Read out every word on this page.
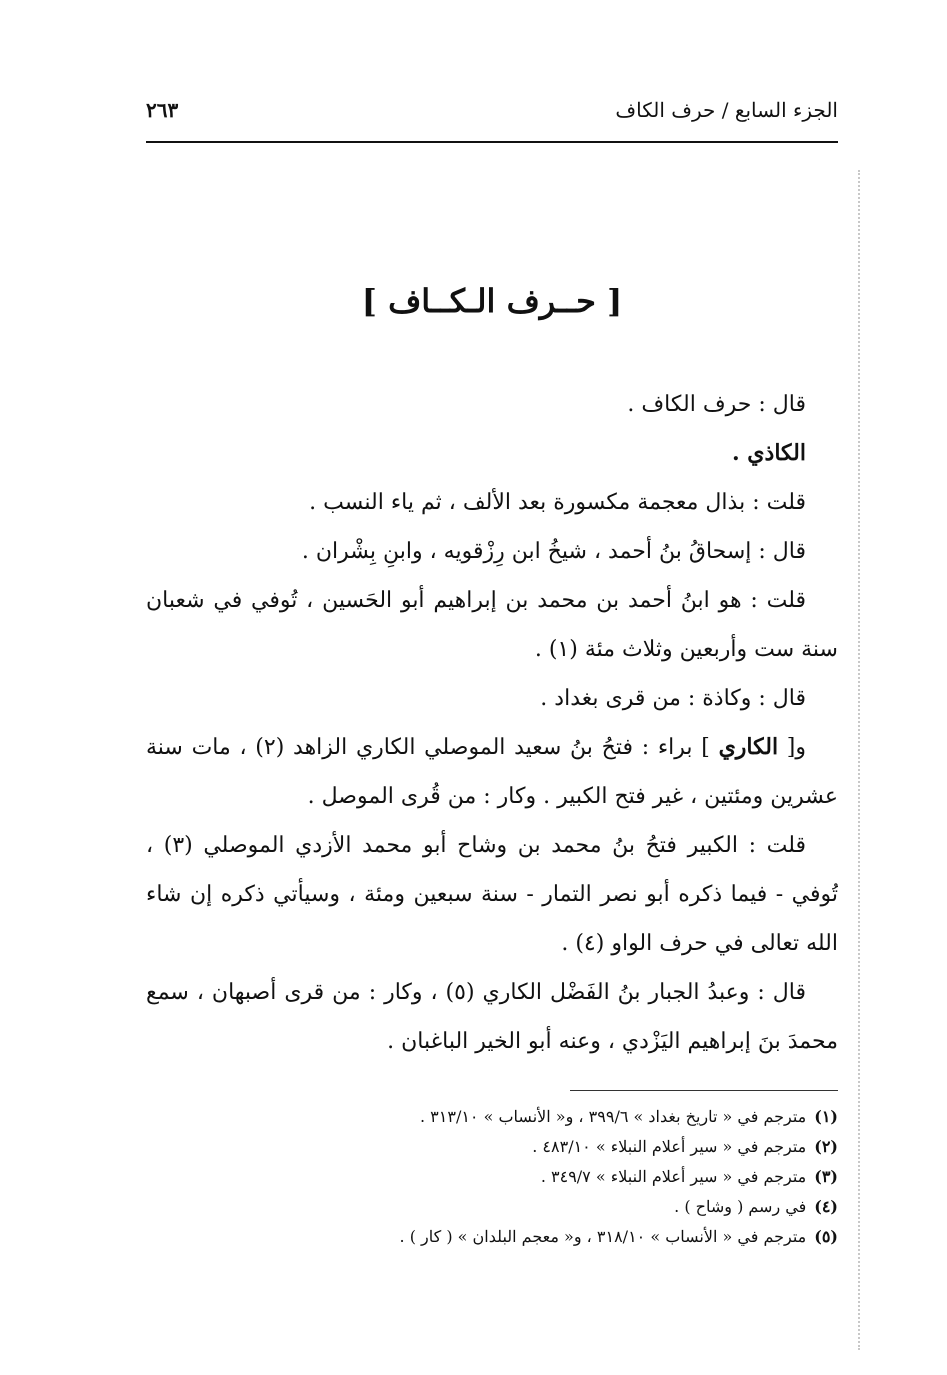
الجزء السابع / حرف الكاف
٢٦٣
[ حــرف الـكــاف ]

قال : حرف الكاف .

الكاذي .

قلت : بذال معجمة مكسورة بعد الألف ، ثم ياء النسب .

قال : إسحاقُ بنُ أحمد ، شيخُ ابن رِزْقويه ، وابنِ بِشْران .

قلت : هو ابنُ أحمد بن محمد بن إبراهيم أبو الحَسين ، تُوفي في شعبان سنة ست وأربعين وثلاث مئة (١) .

قال : وكاذة : من قرى بغداد .

و[ الكاري ] براء : فتحُ بنُ سعيد الموصلي الكاري الزاهد (٢) ، مات سنة عشرين ومئتين ، غير فتح الكبير . وكار : من قُرى الموصل .

قلت : الكبير فتحُ بنُ محمد بن وشاح أبو محمد الأزدي الموصلي (٣) ، تُوفي - فيما ذكره أبو نصر التمار - سنة سبعين ومئة ، وسيأتي ذكره إن شاء الله تعالى في حرف الواو (٤) .

قال : وعبدُ الجبار بنُ الفَضْل الكاري (٥) ، وكار : من قرى أصبهان ، سمع محمدَ بنَ إبراهيم اليَزْدي ، وعنه أبو الخير الباغبان .

(١)مترجم في « تاريخ بغداد » ٣٩٩/٦ ، و« الأنساب » ٣١٣/١٠ .

(٢)مترجم في « سير أعلام النبلاء » ٤٨٣/١٠ .

(٣)مترجم في « سير أعلام النبلاء » ٣٤٩/٧ .

(٤)في رسم ( وشاح ) .

(٥)مترجم في « الأنساب » ٣١٨/١٠ ، و« معجم البلدان » ( كار ) .
